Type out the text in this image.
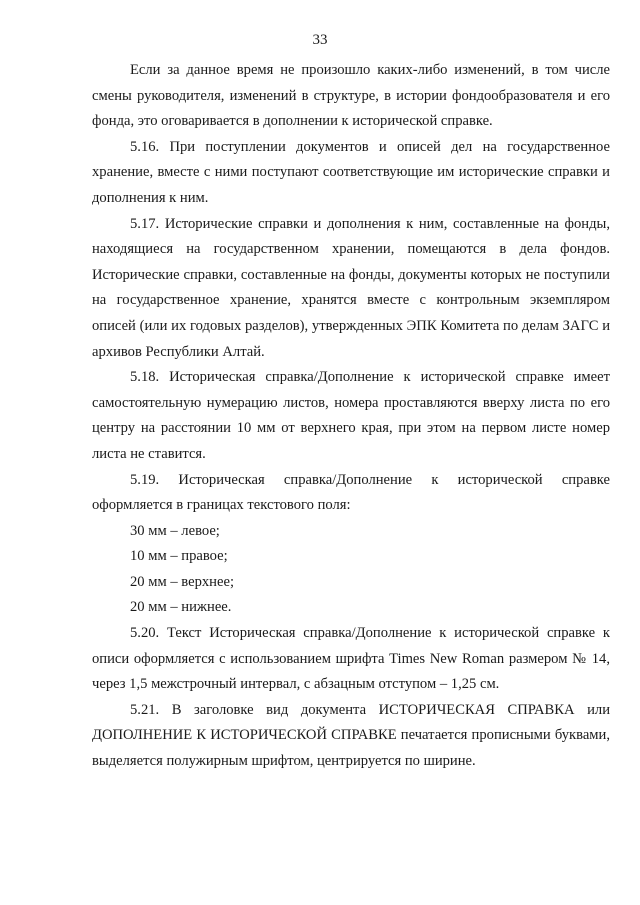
33

Если за данное время не произошло каких-либо изменений, в том числе смены руководителя, изменений в структуре, в истории фондообразователя и его фонда, это оговаривается в дополнении к исторической справке.

5.16. При поступлении документов и описей дел на государственное хранение, вместе с ними поступают соответствующие им исторические справки и дополнения к ним.

5.17. Исторические справки и дополнения к ним, составленные на фонды, находящиеся на государственном хранении, помещаются в дела фондов. Исторические справки, составленные на фонды, документы которых не поступили на государственное хранение, хранятся вместе с контрольным экземпляром описей (или их годовых разделов), утвержденных ЭПК Комитета по делам ЗАГС и архивов Республики Алтай.

5.18. Историческая справка/Дополнение к исторической справке имеет самостоятельную нумерацию листов, номера проставляются вверху листа по его центру на расстоянии 10 мм от верхнего края, при этом на первом листе номер листа не ставится.

5.19. Историческая справка/Дополнение к исторической справке оформляется в границах текстового поля:

30 мм – левое;

10 мм – правое;

20 мм – верхнее;

20 мм – нижнее.

5.20. Текст Историческая справка/Дополнение к исторической справке к описи оформляется с использованием шрифта Times New Roman размером № 14, через 1,5 межстрочный интервал, с абзацным отступом – 1,25 см.

5.21. В заголовке вид документа ИСТОРИЧЕСКАЯ СПРАВКА или ДОПОЛНЕНИЕ К ИСТОРИЧЕСКОЙ СПРАВКЕ печатается прописными буквами, выделяется полужирным шрифтом, центрируется по ширине.
